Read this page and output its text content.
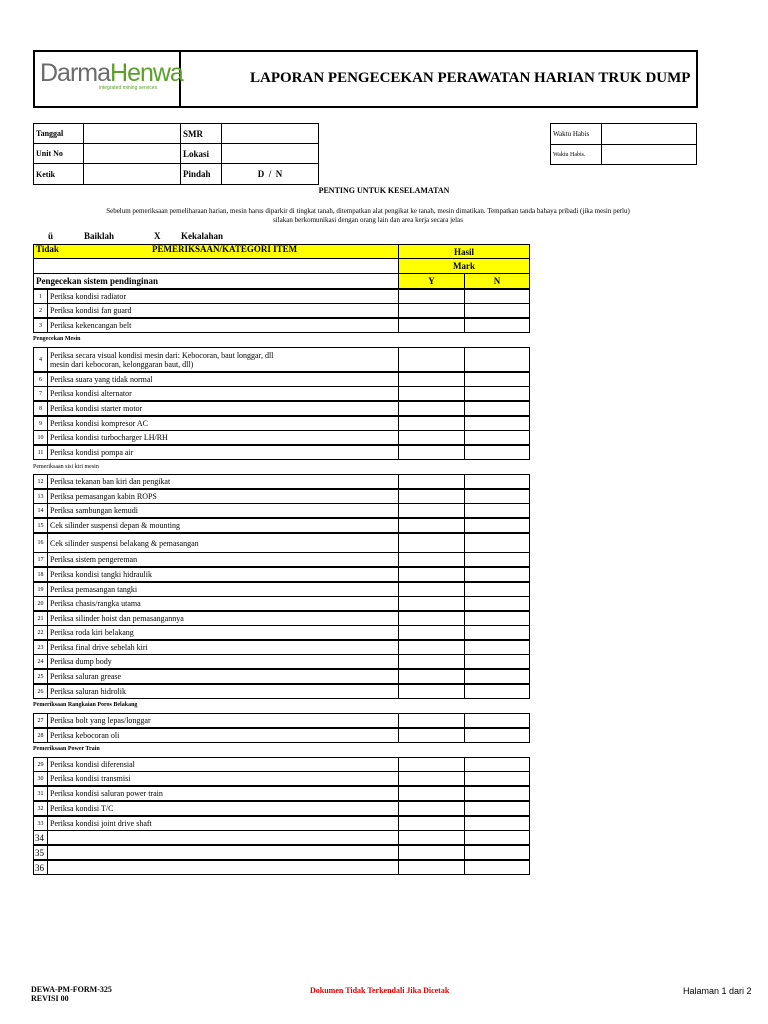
DarmaHenwa
integrated mining services
LAPORAN PENGECEKAN PERAWATAN HARIAN TRUK DUMP
Tanggal	SMR
Unit No	Lokasi
Ketik	Pindah	D  /  N
Waktu Habis
Waktu Habis.
PENTING UNTUK KESELAMATAN
Sebelum pemeriksaan pemeliharaan harian, mesin harus diparkir di tingkat tanah, ditempatkan alat pengikat ke tanah, mesin dimatikan. Tempatkan tanda bahaya pribadi (jika mesin perlu)
silakan berkomunikasi dengan orang lain dan area kerja secara jelas
ü	Baiklah	X Kekalahan
Tidak	PEMERIKSAAN/KATEGORI ITEM	Hasil
Mark
Pengecekan sistem pendinginan	Y	N
Pengecekan Mesin
Pemeriksaan sisi kiri mesin
Pemeriksaan Rangkaian Poros Belakang
Pemeriksaan Power Train
1	Periksa kondisi radiator
2	Periksa kondisi fan guard
3	Periksa kekencangan belt
4	Periksa secara visual kondisi mesin dari: Kebocoran, baut longgar, dll
mesin dari kebocoran, kelonggaran baut, dll)
6	Periksa suara yang tidak normal
7	Periksa kondisi alternator
8	Periksa kondisi starter motor
9	Periksa kondisi kompresor AC
10 Periksa kondisi turbocharger LH/RH
11 Periksa kondisi pompa air
12 Periksa tekanan ban kiri dan pengikat
13 Periksa pemasangan kabin ROPS
14 Periksa sambungan kemudi
15 Cek silinder suspensi depan & mounting
16 Cek silinder suspensi belakang & pemasangan
17 Periksa sistem pengereman
18 Periksa kondisi tangki hidraulik
19 Periksa pemasangan tangki
20 Periksa chasis/rangka utama
21 Periksa silinder hoist dan pemasangannya
22 Periksa roda kiri belakang
23 Periksa final drive sebelah kiri
24 Periksa dump body
25 Periksa saluran grease
26 Periksa saluran hidrolik
27 Periksa bolt yang lepas/longgar
28 Periksa kebocoran oli
29 Periksa kondisi diferensial
30 Periksa kondisi transmisi
31 Periksa kondisi saluran power train
32 Periksa kondisi T/C
33 Periksa kondisi joint drive shaft
34
35
36
DEWA-PM-FORM-325
REVISI 00
Dokumen Tidak Terkendali Jika Dicetak	Halaman 1 dari 2
